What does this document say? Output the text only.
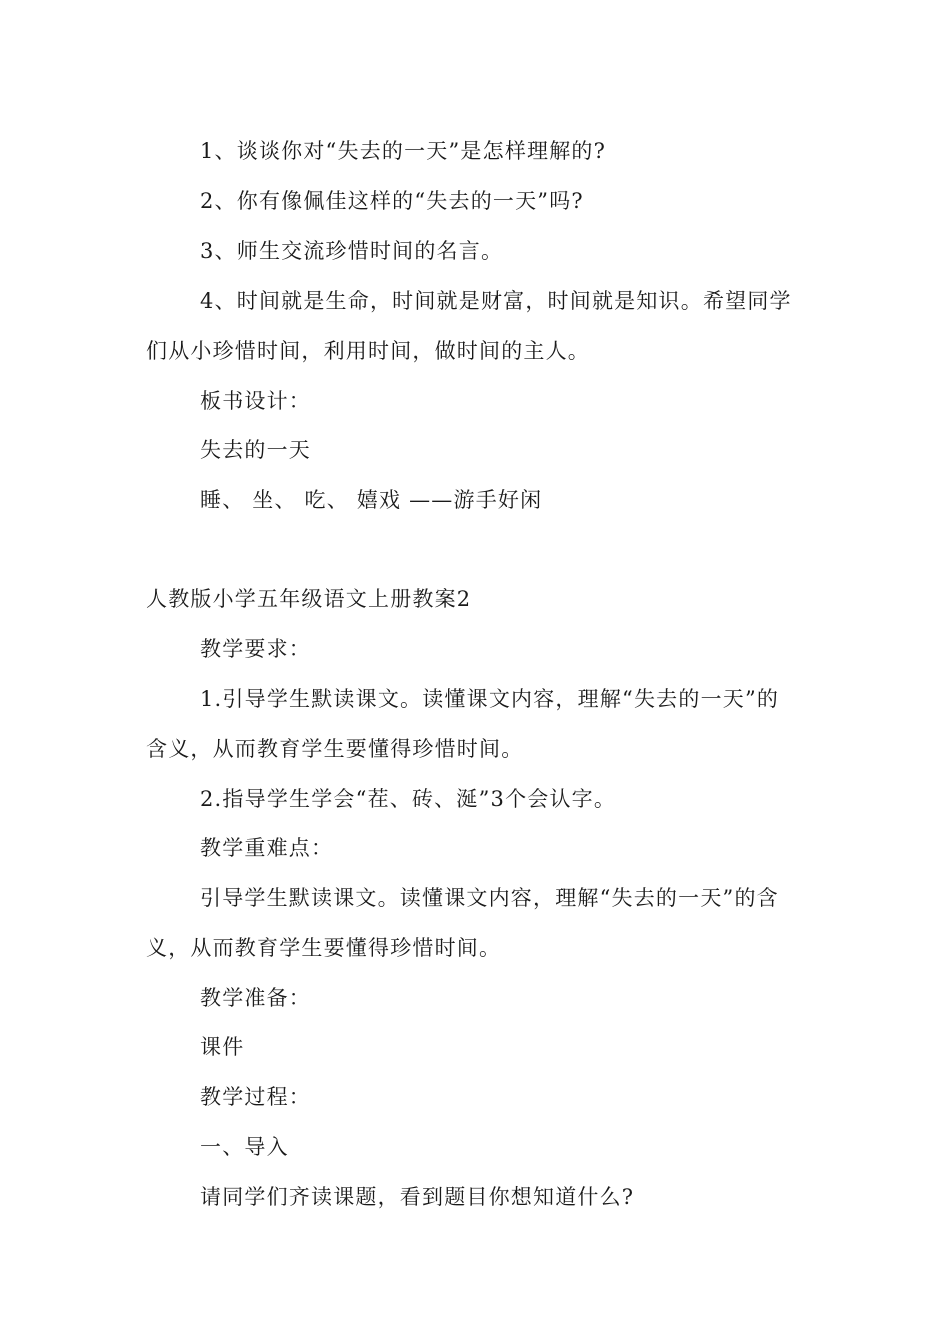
1、谈谈你对“失去的一天”是怎样理解的?
2、你有像佩佳这样的“失去的一天”吗?
3、师生交流珍惜时间的名言。
4、时间就是生命，时间就是财富，时间就是知识。希望同学
们从小珍惜时间，利用时间，做时间的主人。
板书设计：
失去的一天
睡、 坐、 吃、 嬉戏 ——游手好闲
人教版小学五年级语文上册教案2
教学要求：
1.引导学生默读课文。读懂课文内容，理解“失去的一天”的
含义，从而教育学生要懂得珍惜时间。
2.指导学生学会“茬、砖、涎”3个会认字。
教学重难点：
引导学生默读课文。读懂课文内容，理解“失去的一天”的含
义，从而教育学生要懂得珍惜时间。
教学准备：
课件
教学过程：
一、导入
请同学们齐读课题，看到题目你想知道什么?
